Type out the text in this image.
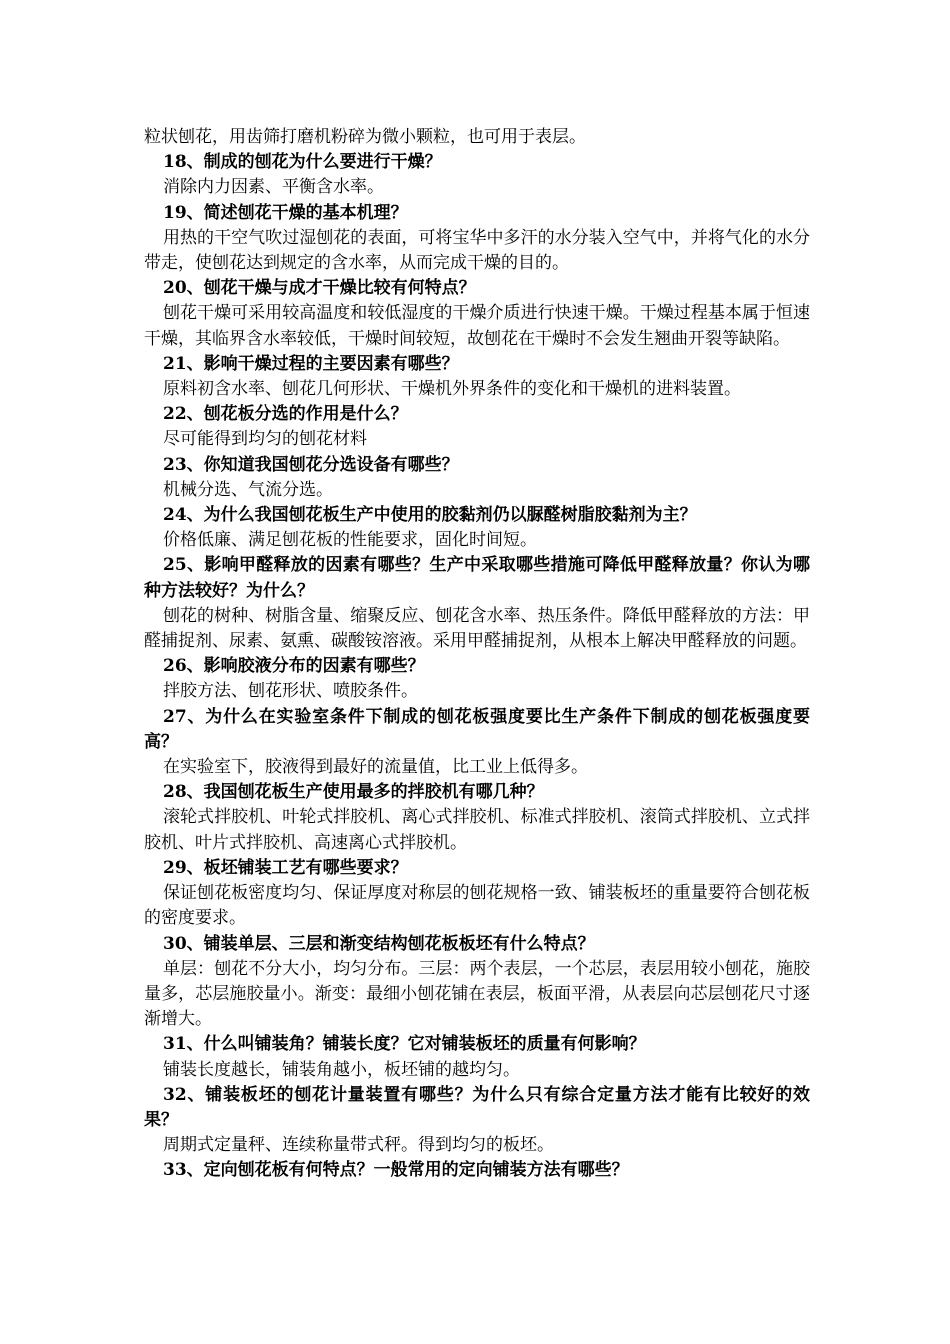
粒状刨花，用齿筛打磨机粉碎为微小颗粒，也可用于表层。

18、制成的刨花为什么要进行干燥？

消除内力因素、平衡含水率。

19、简述刨花干燥的基本机理？

用热的干空气吹过湿刨花的表面，可将宝华中多汗的水分装入空气中，并将气化的水分带走，使刨花达到规定的含水率，从而完成干燥的目的。

20、刨花干燥与成才干燥比较有何特点？

刨花干燥可采用较高温度和较低湿度的干燥介质进行快速干燥。干燥过程基本属于恒速干燥，其临界含水率较低，干燥时间较短，故刨花在干燥时不会发生翘曲开裂等缺陷。

21、影响干燥过程的主要因素有哪些？

原料初含水率、刨花几何形状、干燥机外界条件的变化和干燥机的进料装置。

22、刨花板分选的作用是什么？

尽可能得到均匀的刨花材料

23、你知道我国刨花分选设备有哪些？

机械分选、气流分选。

24、为什么我国刨花板生产中使用的胶黏剂仍以脲醛树脂胶黏剂为主？

价格低廉、满足刨花板的性能要求，固化时间短。

25、影响甲醛释放的因素有哪些？生产中采取哪些措施可降低甲醛释放量？你认为哪种方法较好？为什么？

刨花的树种、树脂含量、缩聚反应、刨花含水率、热压条件。降低甲醛释放的方法：甲醛捕捉剂、尿素、氨熏、碳酸铵溶液。采用甲醛捕捉剂，从根本上解决甲醛释放的问题。

26、影响胶液分布的因素有哪些？

拌胶方法、刨花形状、喷胶条件。

27、为什么在实验室条件下制成的刨花板强度要比生产条件下制成的刨花板强度要高？

在实验室下，胶液得到最好的流量值，比工业上低得多。

28、我国刨花板生产使用最多的拌胶机有哪几种？

滚轮式拌胶机、叶轮式拌胶机、离心式拌胶机、标准式拌胶机、滚筒式拌胶机、立式拌胶机、叶片式拌胶机、高速离心式拌胶机。

29、板坯铺装工艺有哪些要求？

保证刨花板密度均匀、保证厚度对称层的刨花规格一致、铺装板坯的重量要符合刨花板的密度要求。

30、铺装单层、三层和渐变结构刨花板板坯有什么特点？

单层：刨花不分大小，均匀分布。三层：两个表层，一个芯层，表层用较小刨花，施胶量多，芯层施胶量小。渐变：最细小刨花铺在表层，板面平滑，从表层向芯层刨花尺寸逐渐增大。

31、什么叫铺装角？铺装长度？它对铺装板坯的质量有何影响？

铺装长度越长，铺装角越小，板坯铺的越均匀。

32、铺装板坯的刨花计量装置有哪些？为什么只有综合定量方法才能有比较好的效果？

周期式定量秤、连续称量带式秤。得到均匀的板坯。

33、定向刨花板有何特点？一般常用的定向铺装方法有哪些？
